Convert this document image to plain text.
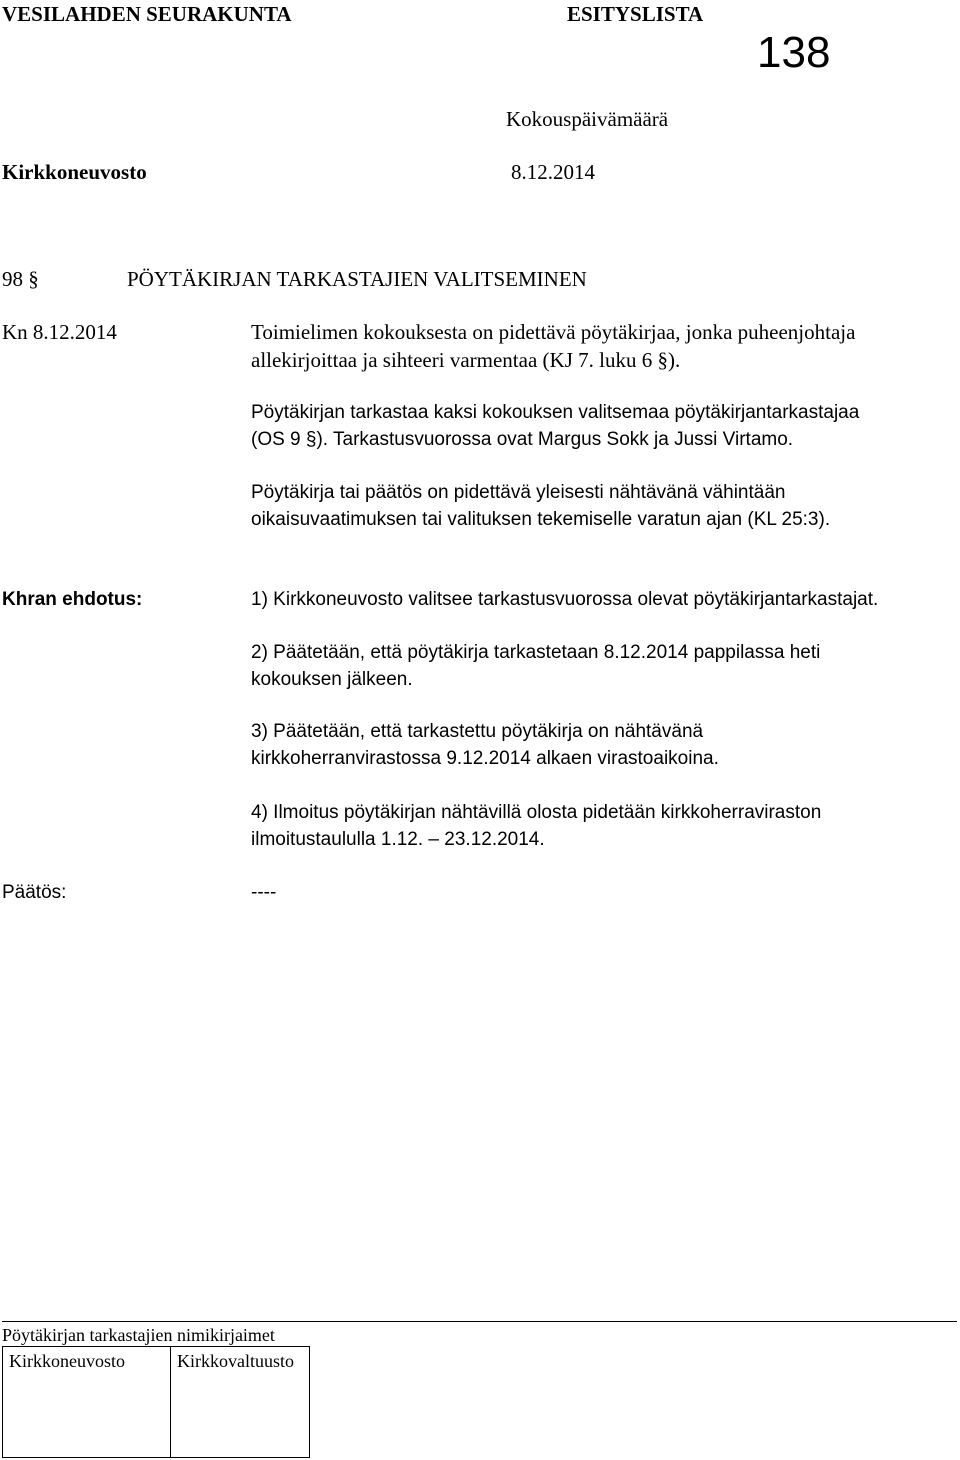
VESILAHDEN SEURAKUNTA	ESITYSLISTA
138
Kokouspäivämäärä
Kirkkoneuvosto	8.12.2014
98 §	PÖYTÄKIRJAN TARKASTAJIEN VALITSEMINEN
Kn 8.12.2014	Toimielimen kokouksesta on pidettävä pöytäkirjaa, jonka puheenjohtaja

allekirjoittaa ja sihteeri varmentaa (KJ 7. luku 6 §).

Pöytäkirjan tarkastaa kaksi kokouksen valitsemaa pöytäkirjantarkastajaa

(OS 9 §). Tarkastusvuorossa ovat Margus Sokk ja Jussi Virtamo.

Pöytäkirja tai päätös on pidettävä yleisesti nähtävänä vähintään

oikaisuvaatimuksen tai valituksen tekemiselle varatun ajan (KL 25:3).

Khran ehdotus:	1) Kirkkoneuvosto valitsee tarkastusvuorossa olevat pöytäkirjantarkastajat.

2) Päätetään, että pöytäkirja tarkastetaan 8.12.2014 pappilassa heti

kokouksen jälkeen.

3) Päätetään, että tarkastettu pöytäkirja on nähtävänä

kirkkoherranvirastossa 9.12.2014 alkaen virastoaikoina.

4) Ilmoitus pöytäkirjan nähtävillä olosta pidetään kirkkoherraviraston

ilmoitustaululla 1.12. – 23.12.2014.

Päätös:	----
Pöytäkirjan tarkastajien nimikirjaimet
Kirkkoneuvosto	Kirkkovaltuusto
